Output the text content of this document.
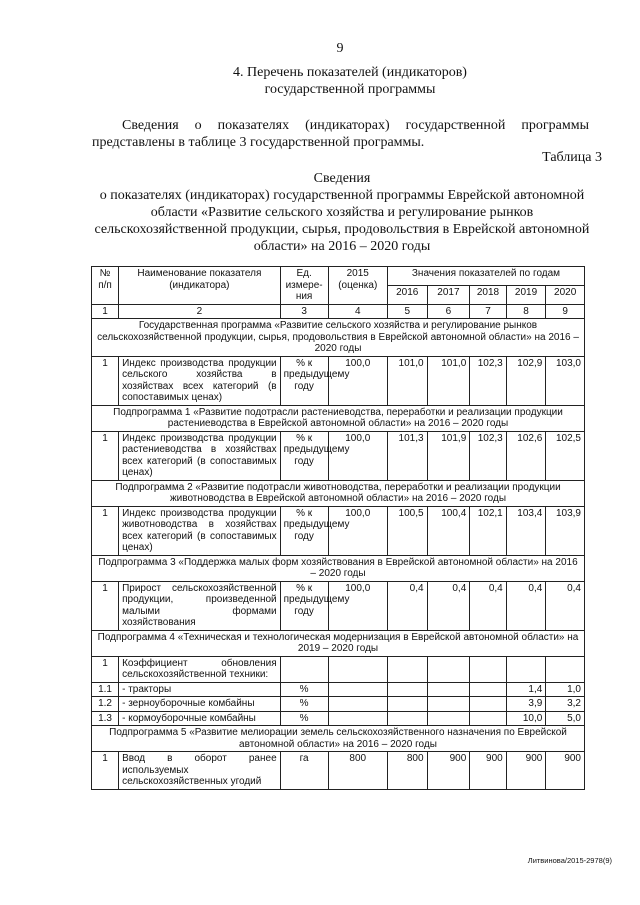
9
4. Перечень показателей (индикаторов)
государственной программы
Сведения о показателях (индикаторах) государственной программы представлены в таблице 3 государственной программы.
Таблица 3
Сведения
о показателях (индикаторах) государственной программы Еврейской автономной области «Развитие сельского хозяйства и регулирование рынков сельскохозяйственной продукции, сырья, продовольствия в Еврейской автономной области» на 2016 – 2020 годы
№ п/п	Наименование показателя (индикатора)	Ед. измере-ния	2015 (оценка)	Значения показателей по годам				
				2016	2017	2018	2019	2020
1	2	3	4	5	6	7	8	9
Государственная программа «Развитие сельского хозяйства и регулирование рынков сельскохозяйственной продукции, сырья, продовольствия в Еврейской автономной области» на 2016 – 2020 годы								
1	Индекс производства продукции сельского хозяйства в хозяйствах всех категорий (в сопоставимых ценах)	% к предыдущему году	100,0	101,0	101,0	102,3	102,9	103,0
Подпрограмма 1 «Развитие подотрасли растениеводства, переработки и реализации продукции растениеводства в Еврейской автономной области» на 2016 – 2020 годы								
1	Индекс производства продукции растениеводства в хозяйствах всех категорий (в сопоставимых ценах)	% к предыдущему году	100,0	101,3	101,9	102,3	102,6	102,5
Подпрограмма 2 «Развитие подотрасли животноводства, переработки и реализации продукции животноводства в Еврейской автономной области» на 2016 – 2020 годы								
1	Индекс производства продукции животноводства в хозяйствах всех категорий (в сопоставимых ценах)	% к предыдущему году	100,0	100,5	100,4	102,1	103,4	103,9
Подпрограмма 3 «Поддержка малых форм хозяйствования в Еврейской автономной области» на 2016 – 2020 годы								
1	Прирост сельскохозяйственной продукции, произведенной малыми формами хозяйствования	% к предыдущему году	100,0	0,4	0,4	0,4	0,4	0,4
Подпрограмма 4 «Техническая и технологическая модернизация в Еврейской автономной области» на 2019 – 2020 годы								
1	Коэффициент обновления сельскохозяйственной техники:							
1.1	- тракторы	%					1,4	1,0
1.2	- зерноуборочные комбайны	%					3,9	3,2
1.3	- кормоуборочные комбайны	%					10,0	5,0
Подпрограмма 5 «Развитие мелиорации земель сельскохозяйственного назначения по Еврейской автономной области» на 2016 – 2020 годы								
1	Ввод в оборот ранее используемых сельскохозяйственных угодий	га	800	800	900	900	900	900
Литвинова/2015-2978(9)
